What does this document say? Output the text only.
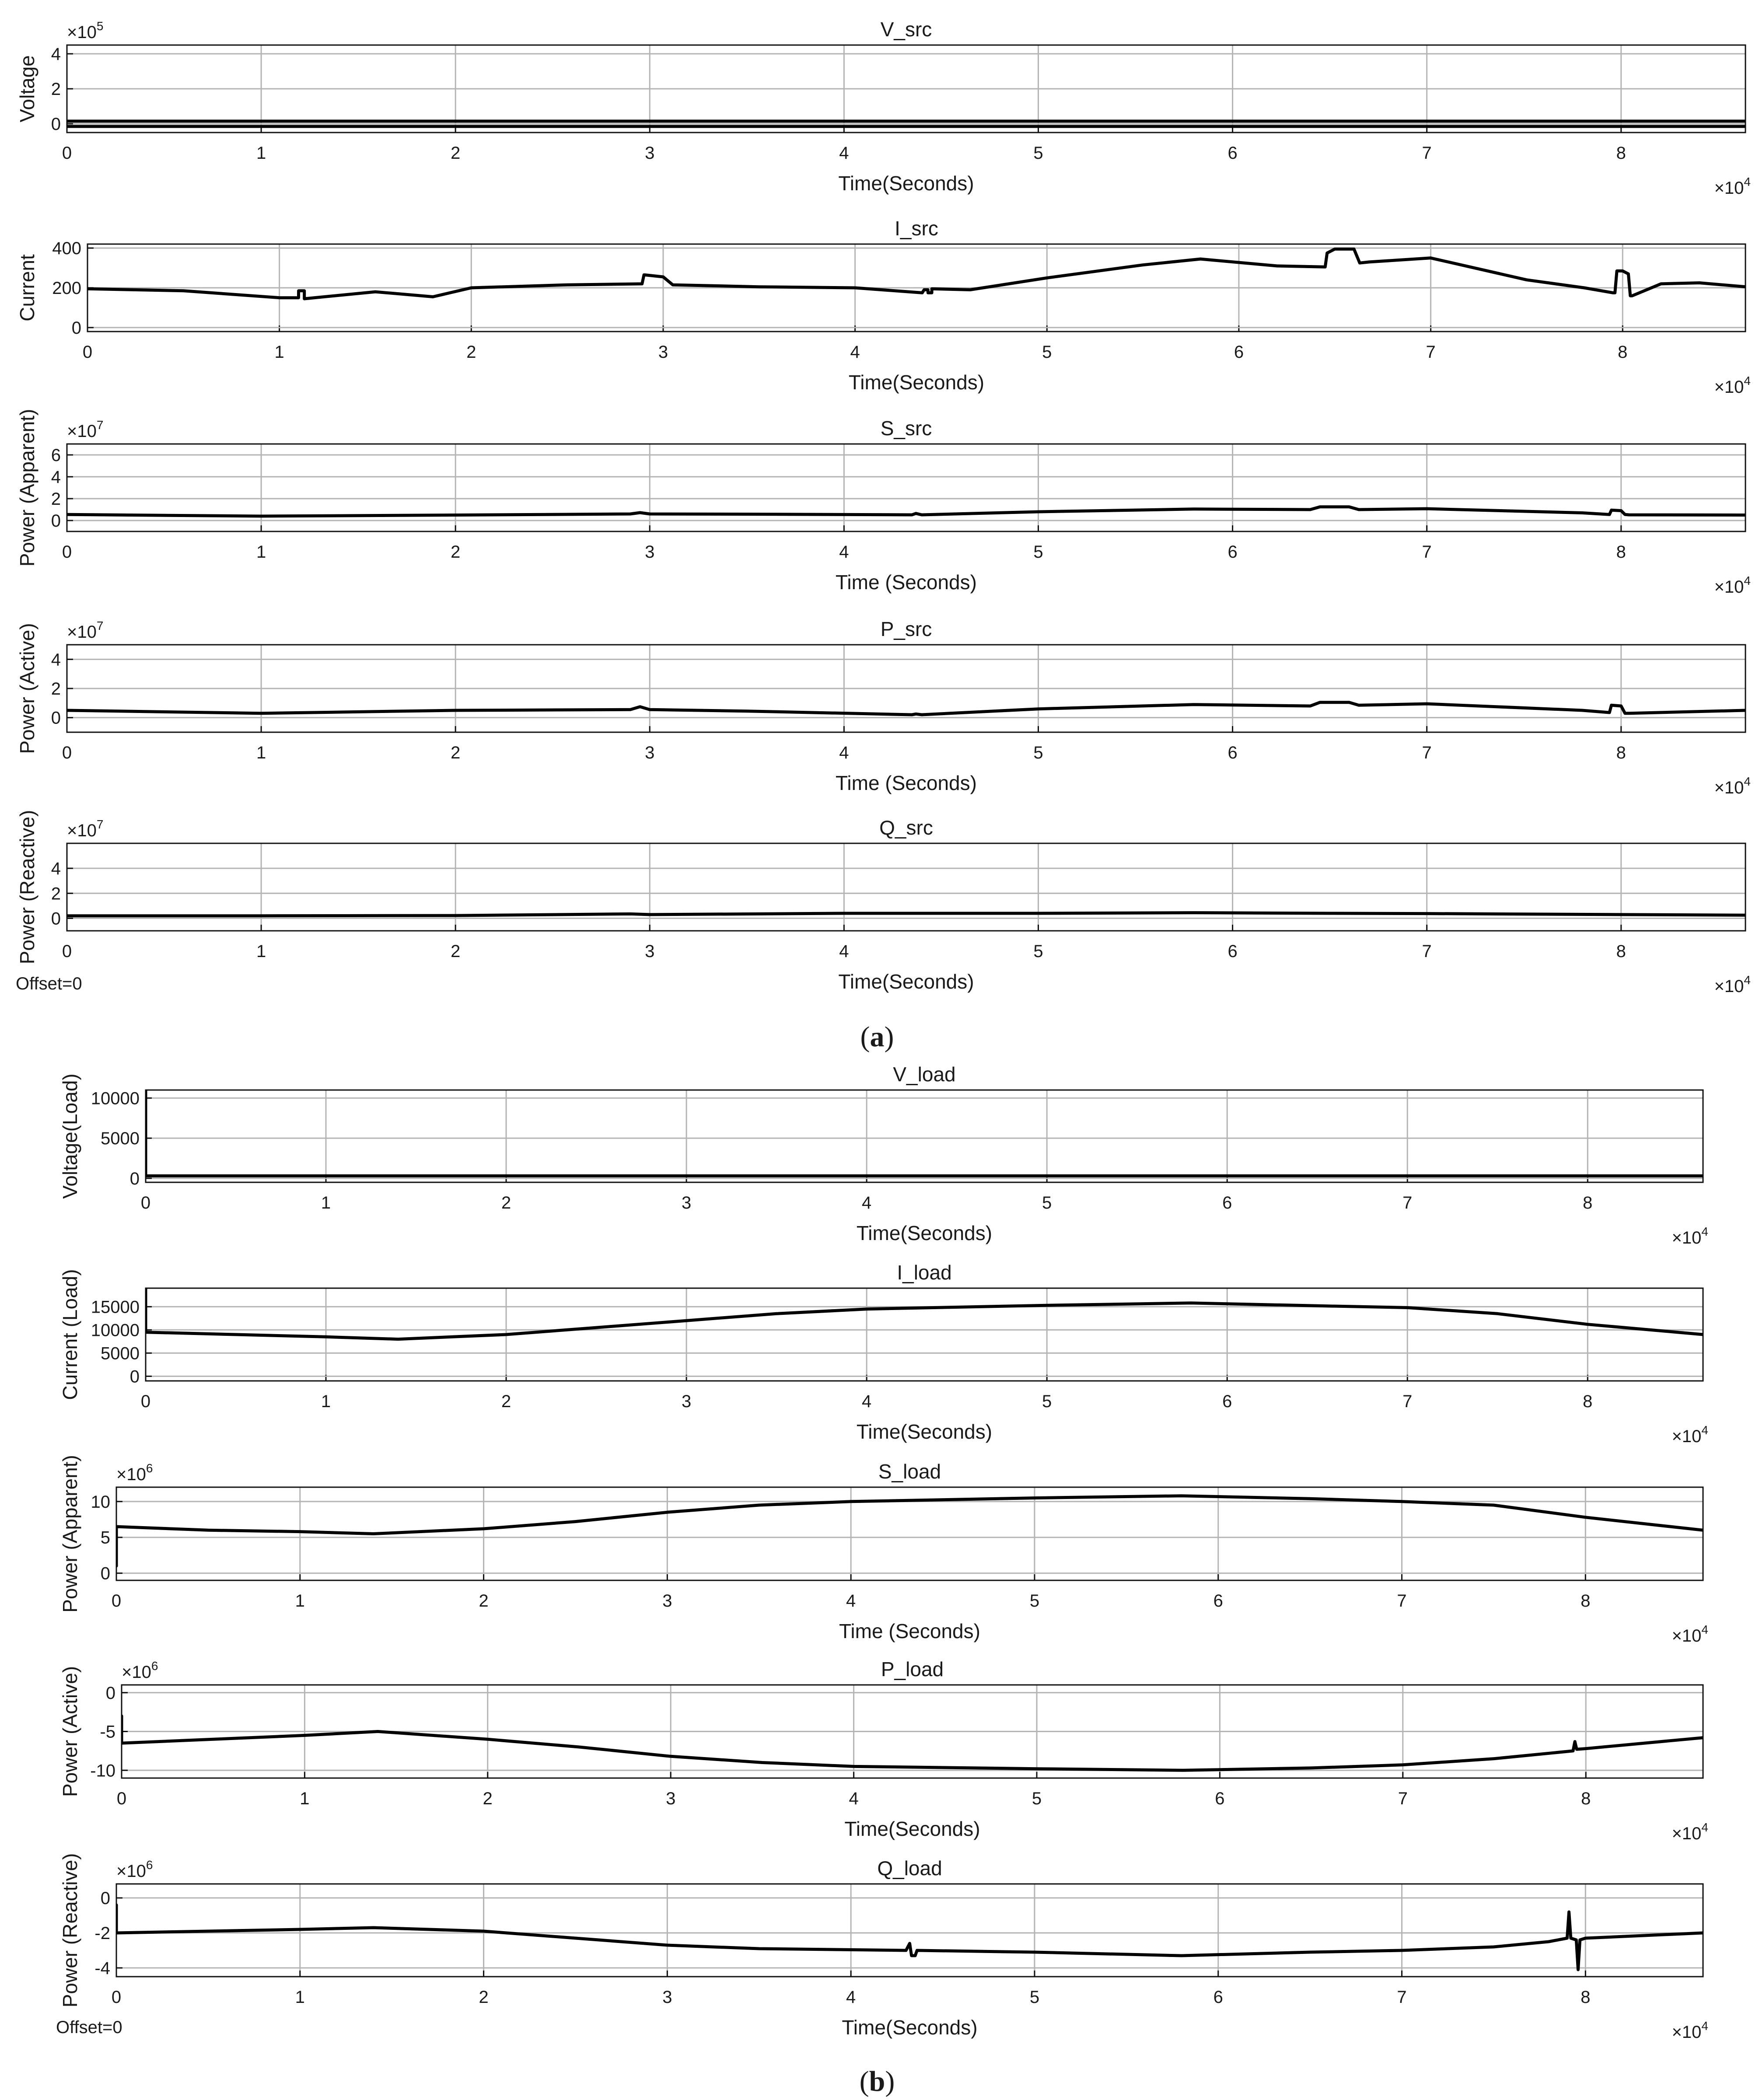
0	1	2	3	4	5	6	7	8
0
2
4
V_src
Time(Seconds)
Voltage
$\times 10^4$
$\times 10^5$
0	1	2	3	4	5	6	7	8
0
200
400
I_src
Time(Seconds)
Current
$\times 10^4$
0	1	2	3	4	5	6	7	8
0
2
4
6
S_src
Time (Seconds)
Power (Apparent)
$\times 10^4$
$\times 10^7$
0	1	2	3	4	5	6	7	8
0
2
4
P_src
Time (Seconds)
Power (Active)
$\times 10^4$
$\times 10^7$
0	1	2	3	4	5	6	7	8
0
2
4
Q_src
Time(Seconds)
Power (Reactive)
$\times 10^4$
$\times 10^7$
0	1	2	3	4	5	6	7	8
0
5000
10000
V_load
Time(Seconds)
Voltage(Load)
$\times 10^4$
0	1	2	3	4	5	6	7	8
0
5000
10000
15000
I_load
Time(Seconds)
Current (Load)
$\times 10^4$
0	1	2	3	4	5	6	7	8
0
5
10
S_load
Time (Seconds)
Power (Apparent)
$\times 10^4$
$\times 10^6$
0	1	2	3	4	5	6	7	8
-10
-5
0
P_load
Time(Seconds)
Power (Active)
$\times 10^4$
$\times 10^6$
0	1	2	3	4	5	6	7	8
-4
-2
0
Q_load
Time(Seconds)
Power (Reactive)
$\times 10^4$
$\times 10^6$
Offset=0
Offset=0
(a)
(b)
